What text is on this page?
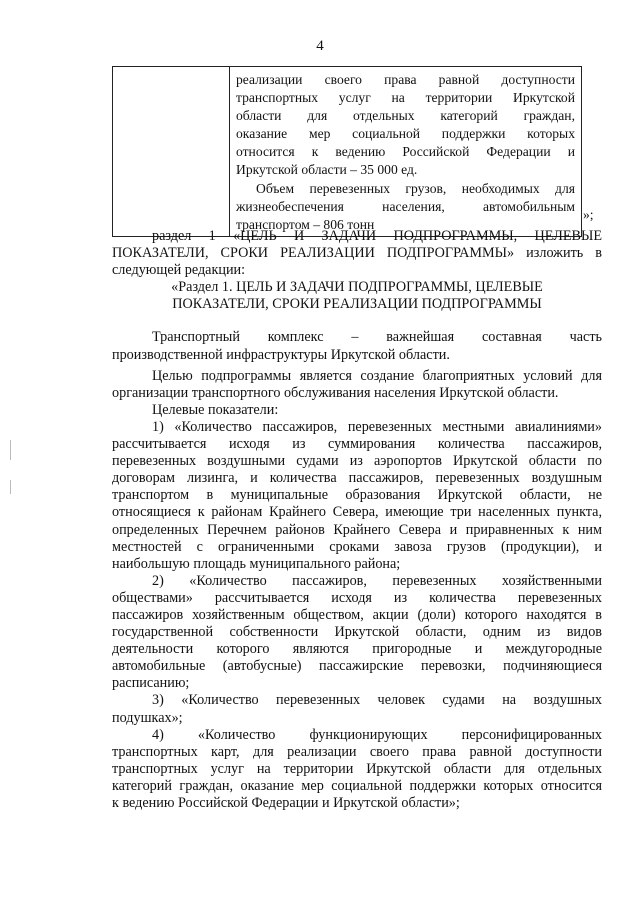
4

реализации своего права равной доступности
транспортных услуг на территории Иркутской
области для отдельных категорий граждан,
оказание мер социальной поддержки которых
относится к ведению Российской Федерации и
Иркутской области – 35 000 ед.
Объем перевезенных грузов, необходимых для
жизнеобеспечения населения, автомобильным
транспортом – 806 тонн
»;
раздел 1 «ЦЕЛЬ И ЗАДАЧИ ПОДПРОГРАММЫ, ЦЕЛЕВЫЕ
ПОКАЗАТЕЛИ, СРОКИ РЕАЛИЗАЦИИ ПОДПРОГРАММЫ» изложить в
следующей редакции:
«Раздел 1. ЦЕЛЬ И ЗАДАЧИ ПОДПРОГРАММЫ, ЦЕЛЕВЫЕ
ПОКАЗАТЕЛИ, СРОКИ РЕАЛИЗАЦИИ ПОДПРОГРАММЫ
Транспортный комплекс – важнейшая составная часть
производственной инфраструктуры Иркутской области.
Целью подпрограммы является создание благоприятных условий для
организации транспортного обслуживания населения Иркутской области.
Целевые показатели:
1) «Количество пассажиров, перевезенных местными авиалиниями»
рассчитывается исходя из суммирования количества пассажиров,
перевезенных воздушными судами из аэропортов Иркутской области по
договорам лизинга, и количества пассажиров, перевезенных воздушным
транспортом в муниципальные образования Иркутской области, не
относящиеся к районам Крайнего Севера, имеющие три населенных пункта,
определенных Перечнем районов Крайнего Севера и приравненных к ним
местностей с ограниченными сроками завоза грузов (продукции), и
наибольшую площадь муниципального района;
2) «Количество пассажиров, перевезенных хозяйственными
обществами» рассчитывается исходя из количества перевезенных
пассажиров хозяйственным обществом, акции (доли) которого находятся в
государственной собственности Иркутской области, одним из видов
деятельности которого являются пригородные и междугородные
автомобильные (автобусные) пассажирские перевозки, подчиняющиеся
расписанию;
3) «Количество перевезенных человек судами на воздушных
подушках»;
4) «Количество функционирующих персонифицированных
транспортных карт, для реализации своего права равной доступности
транспортных услуг на территории Иркутской области для отдельных
категорий граждан, оказание мер социальной поддержки которых относится
к ведению Российской Федерации и Иркутской области»;
